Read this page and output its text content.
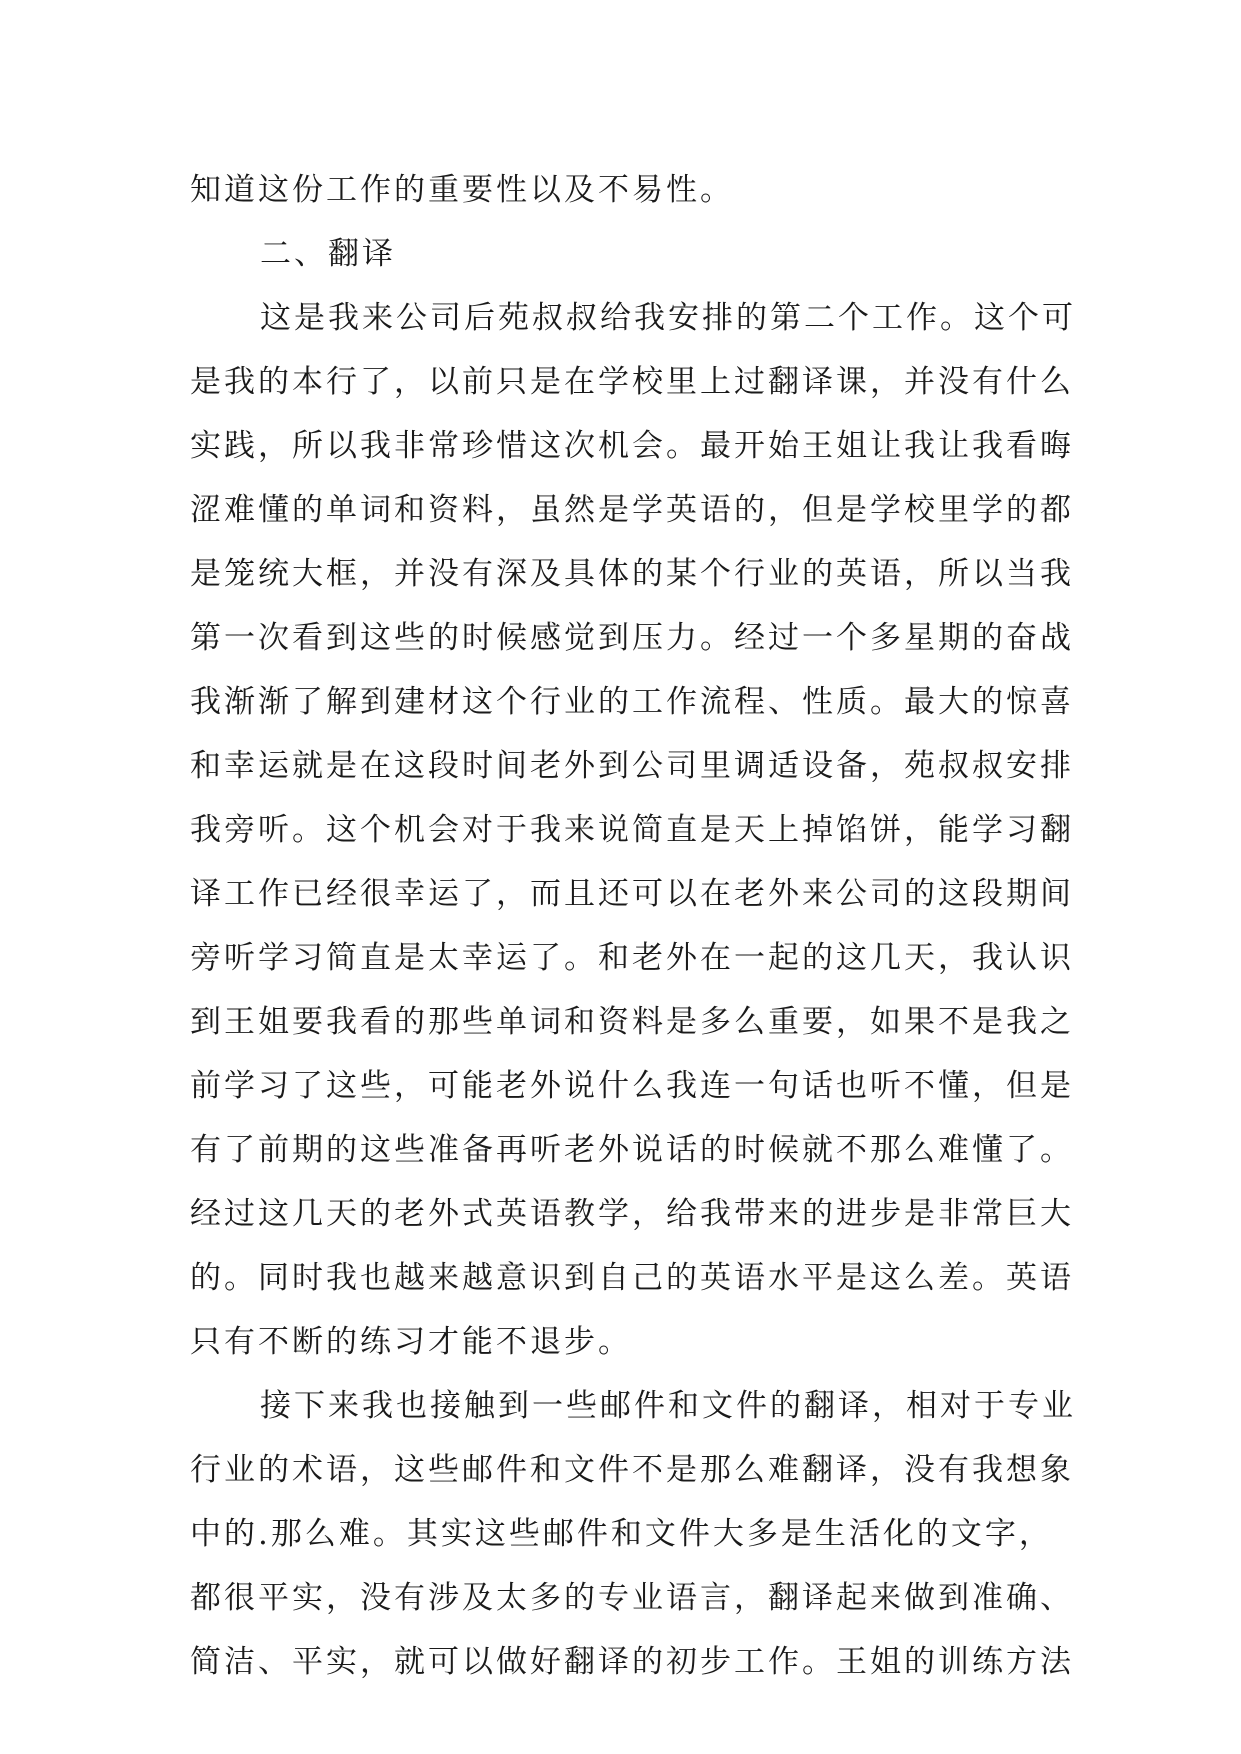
知道这份工作的重要性以及不易性。
二、翻译
这是我来公司后苑叔叔给我安排的第二个工作。这个可
是我的本行了，以前只是在学校里上过翻译课，并没有什么
实践，所以我非常珍惜这次机会。最开始王姐让我让我看晦
涩难懂的单词和资料，虽然是学英语的，但是学校里学的都
是笼统大框，并没有深及具体的某个行业的英语，所以当我
第一次看到这些的时候感觉到压力。经过一个多星期的奋战
我渐渐了解到建材这个行业的工作流程、性质。最大的惊喜
和幸运就是在这段时间老外到公司里调适设备，苑叔叔安排
我旁听。这个机会对于我来说简直是天上掉馅饼，能学习翻
译工作已经很幸运了，而且还可以在老外来公司的这段期间
旁听学习简直是太幸运了。和老外在一起的这几天，我认识
到王姐要我看的那些单词和资料是多么重要，如果不是我之
前学习了这些，可能老外说什么我连一句话也听不懂，但是
有了前期的这些准备再听老外说话的时候就不那么难懂了。
经过这几天的老外式英语教学，给我带来的进步是非常巨大
的。同时我也越来越意识到自己的英语水平是这么差。英语
只有不断的练习才能不退步。
接下来我也接触到一些邮件和文件的翻译，相对于专业
行业的术语，这些邮件和文件不是那么难翻译，没有我想象
中的.那么难。其实这些邮件和文件大多是生活化的文字，
都很平实，没有涉及太多的专业语言，翻译起来做到准确、
简洁、平实，就可以做好翻译的初步工作。王姐的训练方法
